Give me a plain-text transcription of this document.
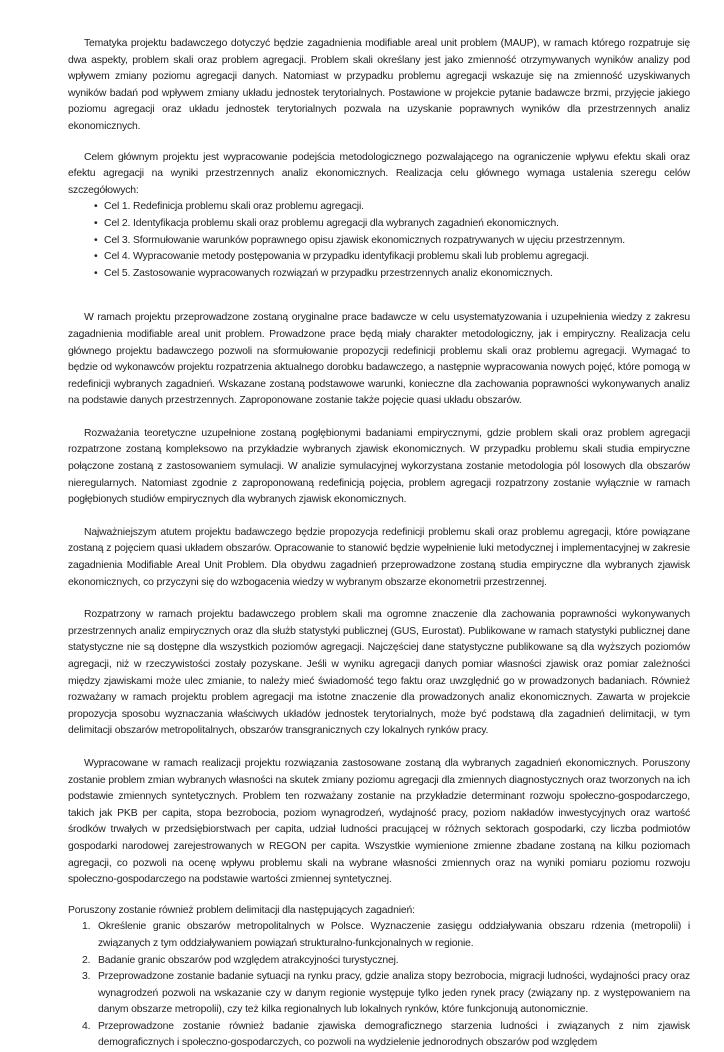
Tematyka projektu badawczego dotyczyć będzie zagadnienia modifiable areal unit problem (MAUP), w ramach którego rozpatruje się dwa aspekty, problem skali oraz problem agregacji. Problem skali określany jest jako zmienność otrzymywanych wyników analizy pod wpływem zmiany poziomu agregacji danych. Natomiast w przypadku problemu agregacji wskazuje się na zmienność uzyskiwanych wyników badań pod wpływem zmiany układu jednostek terytorialnych. Postawione w projekcie pytanie badawcze brzmi, przyjęcie jakiego poziomu agregacji oraz układu jednostek terytorialnych pozwala na uzyskanie poprawnych wyników dla przestrzennych analiz ekonomicznych.

Celem głównym projektu jest wypracowanie podejścia metodologicznego pozwalającego na ograniczenie wpływu efektu skali oraz efektu agregacji na wyniki przestrzennych analiz ekonomicznych. Realizacja celu głównego wymaga ustalenia szeregu celów szczegółowych:

• Cel 1. Redefinicja problemu skali oraz problemu agregacji.
• Cel 2. Identyfikacja problemu skali oraz problemu agregacji dla wybranych zagadnień ekonomicznych.
• Cel 3. Sformułowanie warunków poprawnego opisu zjawisk ekonomicznych rozpatrywanych w ujęciu przestrzennym.
• Cel 4. Wypracowanie metody postępowania w przypadku identyfikacji problemu skali lub problemu agregacji.
• Cel 5. Zastosowanie wypracowanych rozwiązań w przypadku przestrzennych analiz ekonomicznych.

W ramach projektu przeprowadzone zostaną oryginalne prace badawcze w celu usystematyzowania i uzupełnienia wiedzy z zakresu zagadnienia modifiable areal unit problem. Prowadzone prace będą miały charakter metodologiczny, jak i empiryczny. Realizacja celu głównego projektu badawczego pozwoli na sformułowanie propozycji redefinicji problemu skali oraz problemu agregacji. Wymagać to będzie od wykonawców projektu rozpatrzenia aktualnego dorobku badawczego, a następnie wypracowania nowych pojęć, które pomogą w redefinicji wybranych zagadnień. Wskazane zostaną podstawowe warunki, konieczne dla zachowania poprawności wykonywanych analiz na podstawie danych przestrzennych. Zaproponowane zostanie także pojęcie quasi układu obszarów.

Rozważania teoretyczne uzupełnione zostaną pogłębionymi badaniami empirycznymi, gdzie problem skali oraz problem agregacji rozpatrzone zostaną kompleksowo na przykładzie wybranych zjawisk ekonomicznych. W przypadku problemu skali studia empiryczne połączone zostaną z zastosowaniem symulacji. W analizie symulacyjnej wykorzystana zostanie metodologia pól losowych dla obszarów nieregularnych. Natomiast zgodnie z zaproponowaną redefinicją pojęcia, problem agregacji rozpatrzony zostanie wyłącznie w ramach pogłębionych studiów empirycznych dla wybranych zjawisk ekonomicznych.

Najważniejszym atutem projektu badawczego będzie propozycja redefinicji problemu skali oraz problemu agregacji, które powiązane zostaną z pojęciem quasi układem obszarów. Opracowanie to stanowić będzie wypełnienie luki metodycznej i implementacyjnej w zakresie zagadnienia Modifiable Areal Unit Problem. Dla obydwu zagadnień przeprowadzone zostaną studia empiryczne dla wybranych zjawisk ekonomicznych, co przyczyni się do wzbogacenia wiedzy w wybranym obszarze ekonometrii przestrzennej.

Rozpatrzony w ramach projektu badawczego problem skali ma ogromne znaczenie dla zachowania poprawności wykonywanych przestrzennych analiz empirycznych oraz dla służb statystyki publicznej (GUS, Eurostat). Publikowane w ramach statystyki publicznej dane statystyczne nie są dostępne dla wszystkich poziomów agregacji. Najczęściej dane statystyczne publikowane są dla wyższych poziomów agregacji, niż w rzeczywistości zostały pozyskane. Jeśli w wyniku agregacji danych pomiar własności zjawisk oraz pomiar zależności między zjawiskami może ulec zmianie, to należy mieć świadomość tego faktu oraz uwzględnić go w prowadzonych badaniach. Również rozważany w ramach projektu problem agregacji ma istotne znaczenie dla prowadzonych analiz ekonomicznych. Zawarta w projekcie propozycja sposobu wyznaczania właściwych układów jednostek terytorialnych, może być podstawą dla zagadnień delimitacji, w tym delimitacji obszarów metropolitalnych, obszarów transgranicznych czy lokalnych rynków pracy.

Wypracowane w ramach realizacji projektu rozwiązania zastosowane zostaną dla wybranych zagadnień ekonomicznych. Poruszony zostanie problem zmian wybranych własności na skutek zmiany poziomu agregacji dla zmiennych diagnostycznych oraz tworzonych na ich podstawie zmiennych syntetycznych. Problem ten rozważany zostanie na przykładzie determinant rozwoju społeczno-gospodarczego, takich jak PKB per capita, stopa bezrobocia, poziom wynagrodzeń, wydajność pracy, poziom nakładów inwestycyjnych oraz wartość środków trwałych w przedsiębiorstwach per capita, udział ludności pracującej w różnych sektorach gospodarki, czy liczba podmiotów gospodarki narodowej zarejestrowanych w REGON per capita. Wszystkie wymienione zmienne zbadane zostaną na kilku poziomach agregacji, co pozwoli na ocenę wpływu problemu skali na wybrane własności zmiennych oraz na wyniki pomiaru poziomu rozwoju społeczno-gospodarczego na podstawie wartości zmiennej syntetycznej.

Poruszony zostanie również problem delimitacji dla następujących zagadnień:

1. Określenie granic obszarów metropolitalnych w Polsce. Wyznaczenie zasięgu oddziaływania obszaru rdzenia (metropolii) i związanych z tym oddziaływaniem powiązań strukturalno-funkcjonalnych w regionie.
2. Badanie granic obszarów pod względem atrakcyjności turystycznej.
3. Przeprowadzone zostanie badanie sytuacji na rynku pracy, gdzie analiza stopy bezrobocia, migracji ludności, wydajności pracy oraz wynagrodzeń pozwoli na wskazanie czy w danym regionie występuje tylko jeden rynek pracy (związany np. z występowaniem na danym obszarze metropolii), czy też kilka regionalnych lub lokalnych rynków, które funkcjonują autonomicznie.
4. Przeprowadzone zostanie również badanie zjawiska demograficznego starzenia ludności i związanych z nim zjawisk demograficznych i społeczno-gospodarczych, co pozwoli na wydzielenie jednorodnych obszarów pod względem
